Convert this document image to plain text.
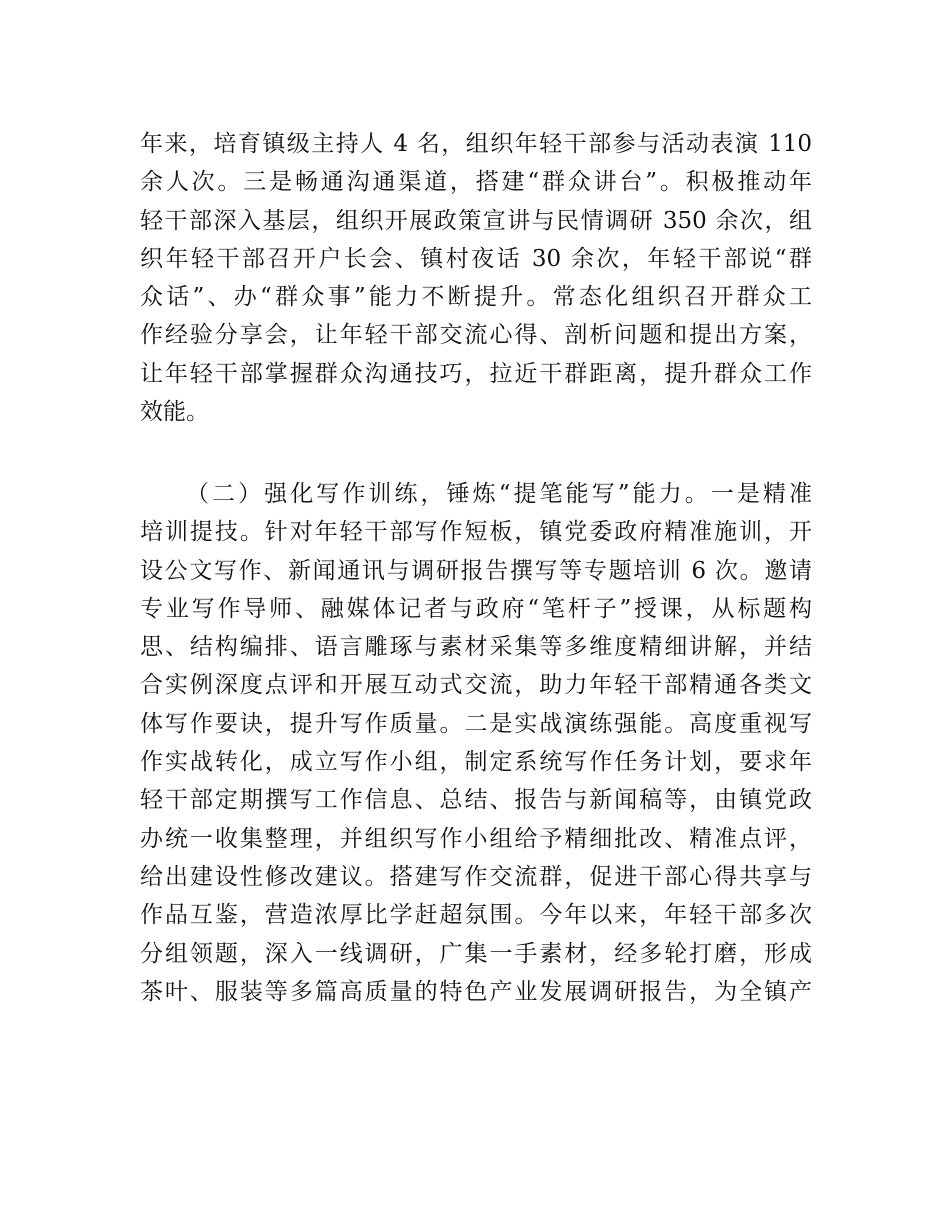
年来，培育镇级主持人 4 名，组织年轻干部参与活动表演 110
余人次。三是畅通沟通渠道，搭建“群众讲台”。积极推动年
轻干部深入基层，组织开展政策宣讲与民情调研 350 余次，组
织年轻干部召开户长会、镇村夜话 30 余次，年轻干部说“群
众话”、办“群众事”能力不断提升。常态化组织召开群众工
作经验分享会，让年轻干部交流心得、剖析问题和提出方案，
让年轻干部掌握群众沟通技巧，拉近干群距离，提升群众工作
效能。
（二）强化写作训练，锤炼“提笔能写”能力。一是精准
培训提技。针对年轻干部写作短板，镇党委政府精准施训，开
设公文写作、新闻通讯与调研报告撰写等专题培训 6 次。邀请
专业写作导师、融媒体记者与政府“笔杆子”授课，从标题构
思、结构编排、语言雕琢与素材采集等多维度精细讲解，并结
合实例深度点评和开展互动式交流，助力年轻干部精通各类文
体写作要诀，提升写作质量。二是实战演练强能。高度重视写
作实战转化，成立写作小组，制定系统写作任务计划，要求年
轻干部定期撰写工作信息、总结、报告与新闻稿等，由镇党政
办统一收集整理，并组织写作小组给予精细批改、精准点评，
给出建设性修改建议。搭建写作交流群，促进干部心得共享与
作品互鉴，营造浓厚比学赶超氛围。今年以来，年轻干部多次
分组领题，深入一线调研，广集一手素材，经多轮打磨，形成
茶叶、服装等多篇高质量的特色产业发展调研报告，为全镇产
